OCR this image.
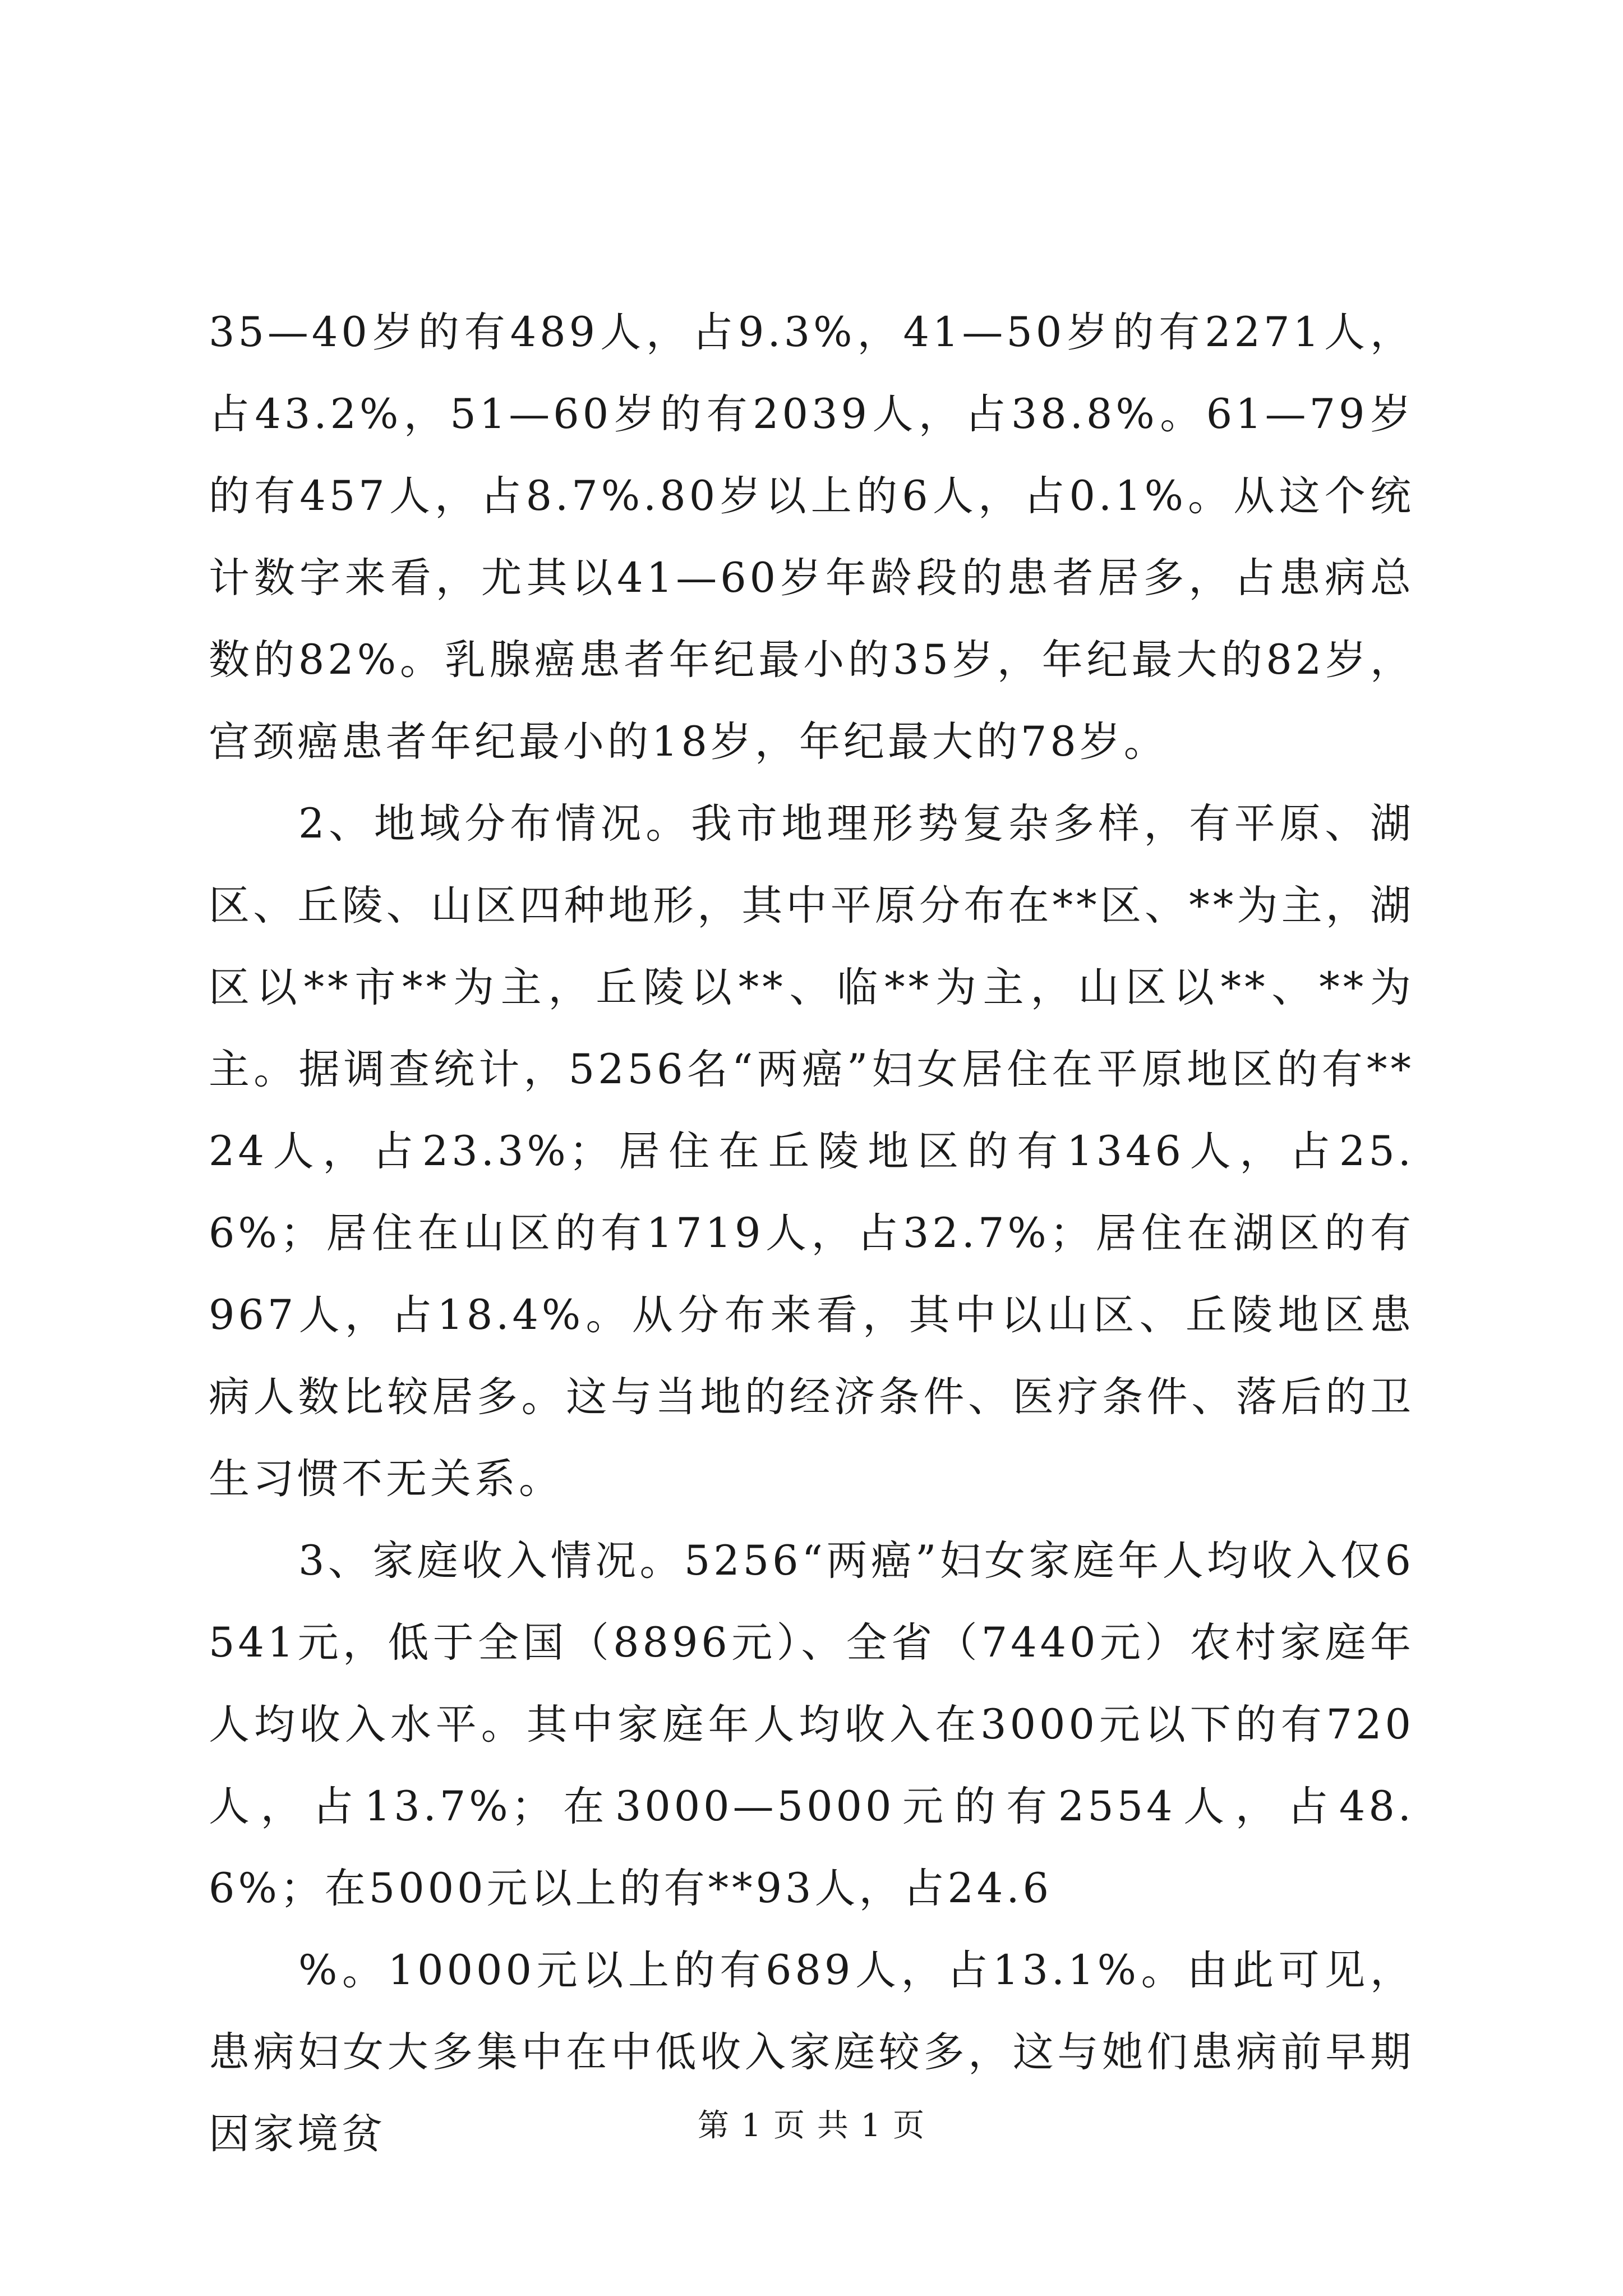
35—40岁的有489人，占9.3%，41—50岁的有2271人，占43.2%，51—60岁的有2039人，占38.8%。61—79岁的有457人，占8.7%.80岁以上的6人，占0.1%。从这个统计数字来看，尤其以41—60岁年龄段的患者居多，占患病总数的82%。乳腺癌患者年纪最小的35岁，年纪最大的82岁，宫颈癌患者年纪最小的18岁，年纪最大的78岁。

2、地域分布情况。我市地理形势复杂多样，有平原、湖区、丘陵、山区四种地形，其中平原分布在**区、**为主，湖区以**市**为主，丘陵以**、临**为主，山区以**、**为主。据调查统计，5256名“两癌”妇女居住在平原地区的有**24人，占23.3%；居住在丘陵地区的有1346人，占25.6%；居住在山区的有1719人，占32.7%；居住在湖区的有967人，占18.4%。从分布来看，其中以山区、丘陵地区患病人数比较居多。这与当地的经济条件、医疗条件、落后的卫生习惯不无关系。

3、家庭收入情况。5256“两癌”妇女家庭年人均收入仅6541元，低于全国（8896元）、全省（7440元）农村家庭年人均收入水平。其中家庭年人均收入在3000元以下的有720人，占13.7%；在3000—5000元的有2554人，占48.6%；在5000元以上的有**93人，占24.6

%。10000元以上的有689人，占13.1%。由此可见，患病妇女大多集中在中低收入家庭较多，这与她们患病前早期因家境贫	第 1 页 共 1 页
